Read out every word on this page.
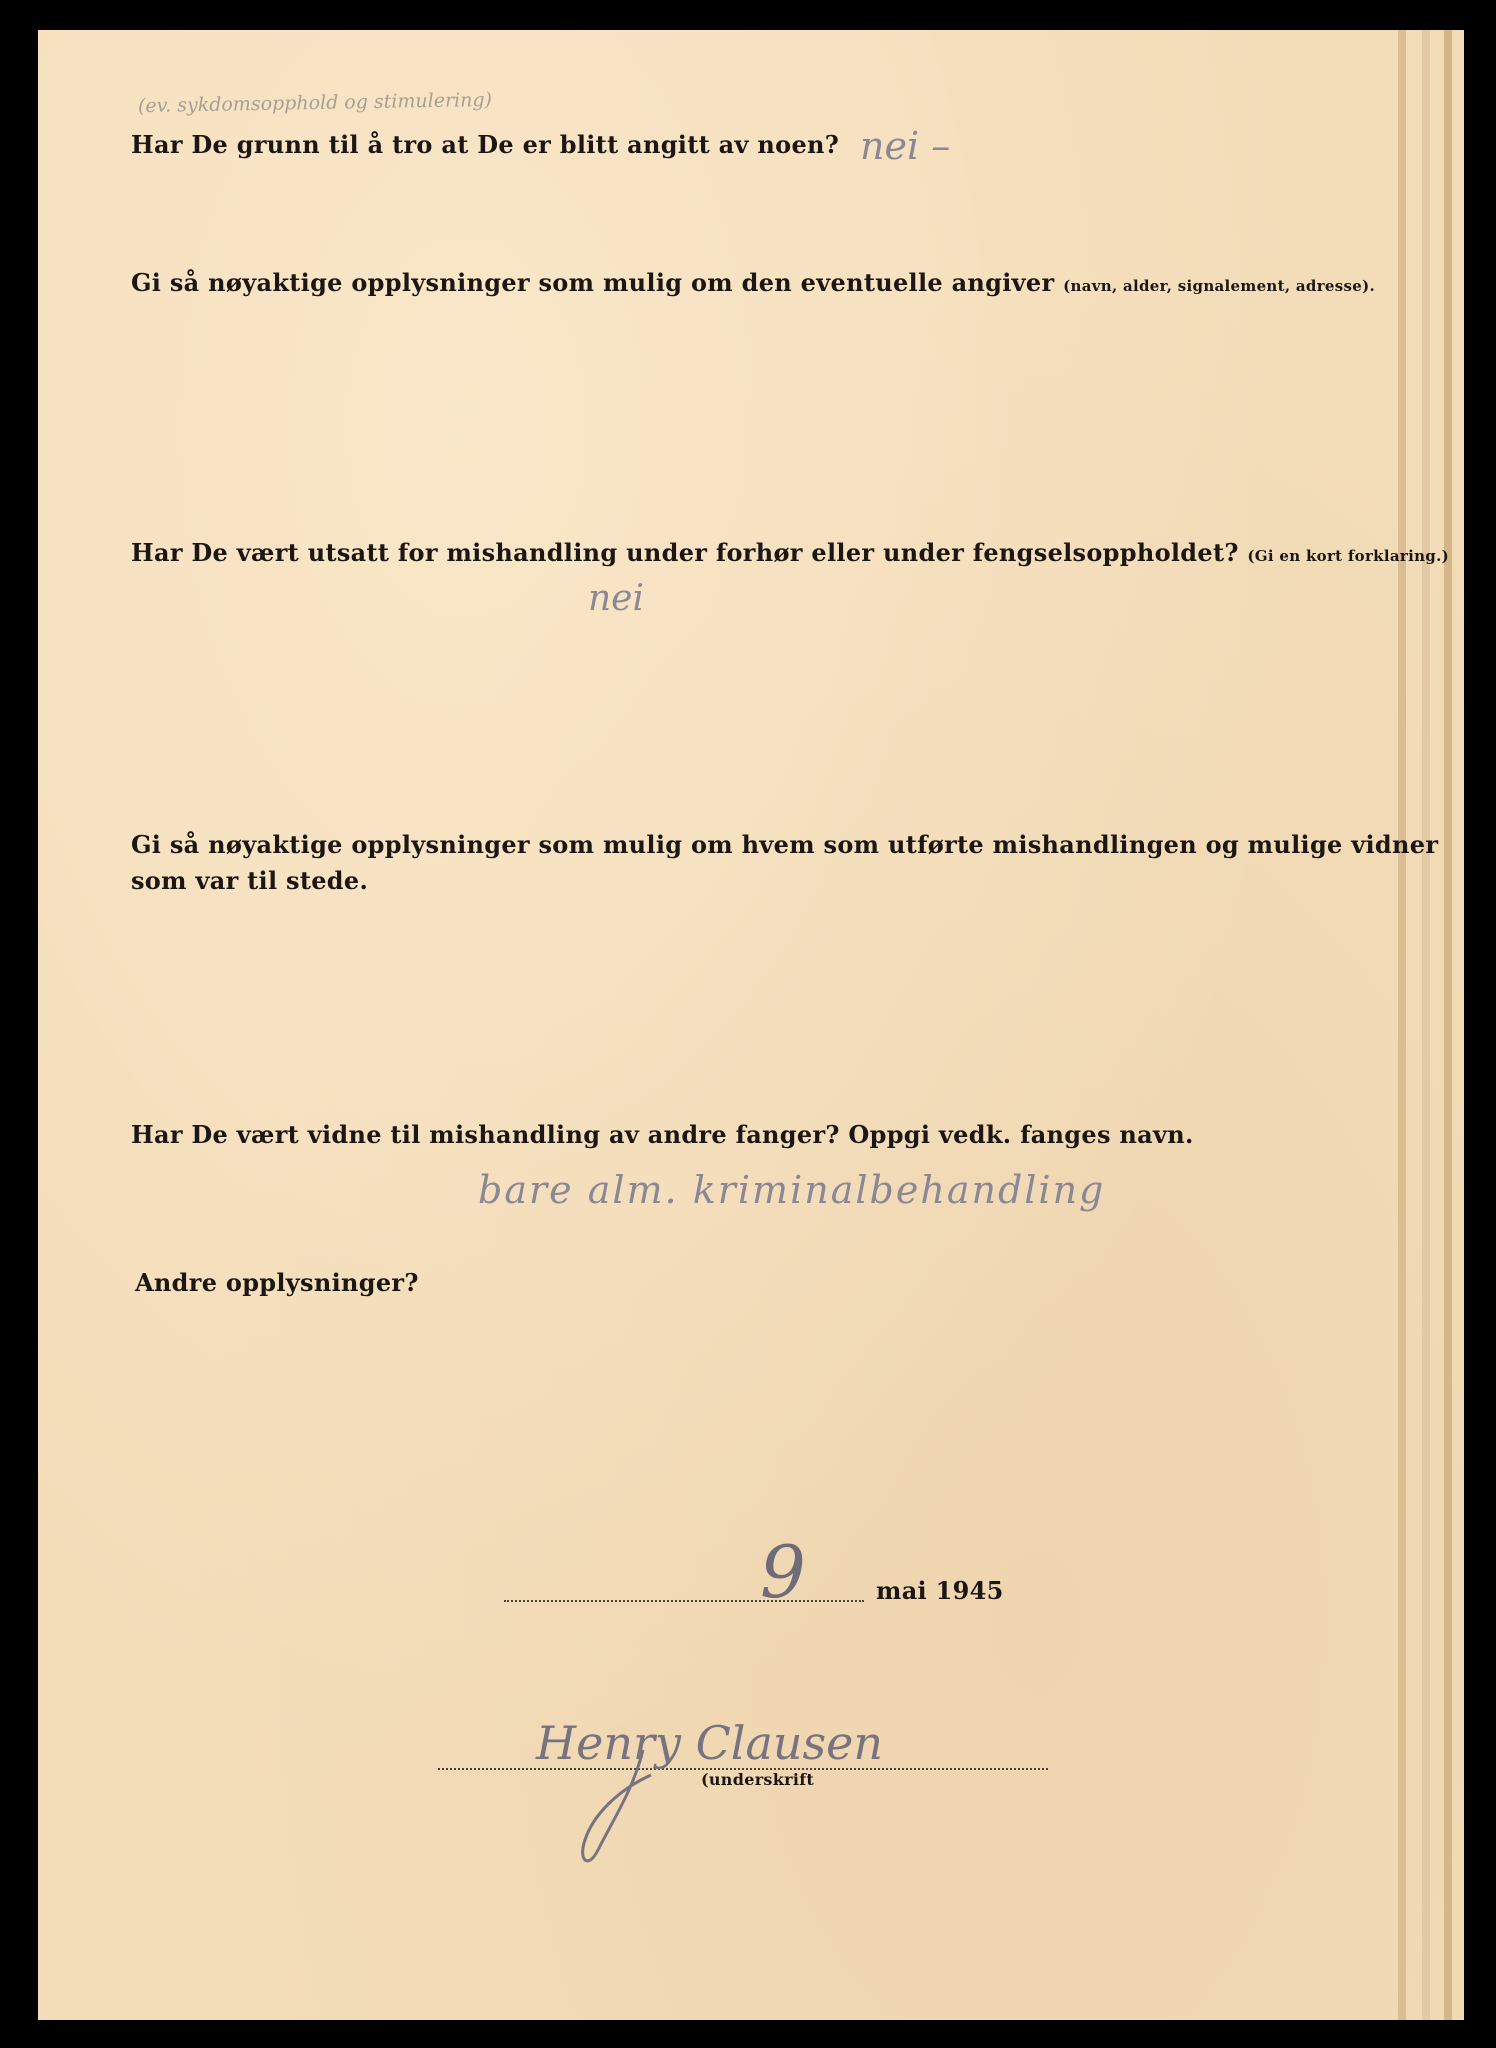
(ev. sykdomsopphold og stimulering)

Har De grunn til å tro at De er blitt angitt av noen? nei –

Gi så nøyaktige opplysninger som mulig om den eventuelle angiver (navn, alder, signalement, adresse).

Har De vært utsatt for mishandling under forhør eller under fengselsoppholdet? (Gi en kort forklaring.)

nei

Gi så nøyaktige opplysninger som mulig om hvem som utførte mishandlingen og mulige vidner

som var til stede.

Har De vært vidne til mishandling av andre fanger? Oppgi vedk. fanges navn.

bare alm. kriminalbehandling

Andre opplysninger?

9	mai 1945

Henry Clausen

(underskrift
